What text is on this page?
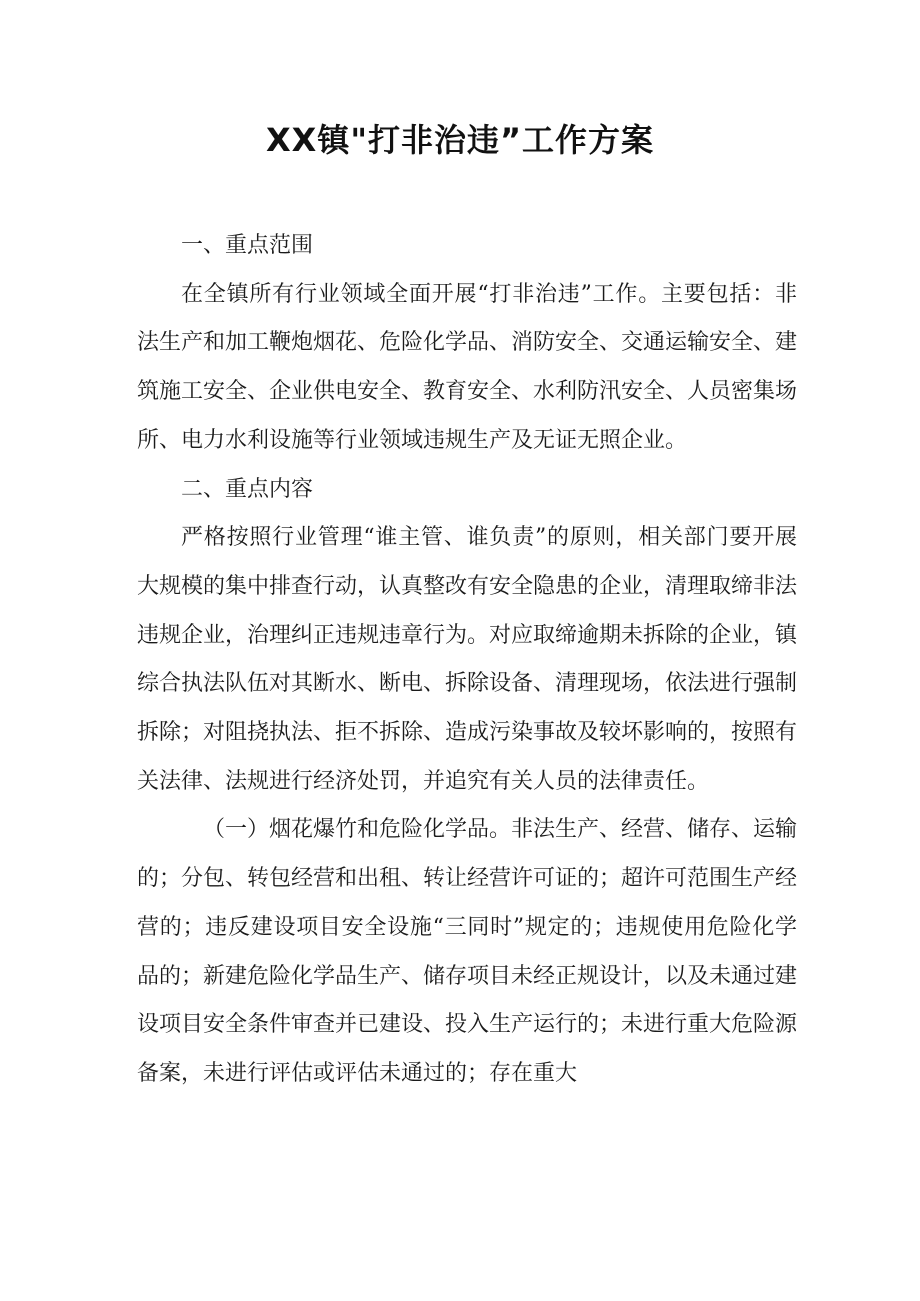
XX镇"打非治违”工作方案

一、重点范围

在全镇所有行业领域全面开展“打非治违”工作。主要包括：非法生产和加工鞭炮烟花、危险化学品、消防安全、交通运输安全、建筑施工安全、企业供电安全、教育安全、水利防汛安全、人员密集场所、电力水利设施等行业领域违规生产及无证无照企业。

二、重点内容

严格按照行业管理“谁主管、谁负责”的原则，相关部门要开展大规模的集中排查行动，认真整改有安全隐患的企业，清理取缔非法违规企业，治理纠正违规违章行为。对应取缔逾期未拆除的企业，镇综合执法队伍对其断水、断电、拆除设备、清理现场，依法进行强制拆除；对阻挠执法、拒不拆除、造成污染事故及较坏影响的，按照有关法律、法规进行经济处罚，并追究有关人员的法律责任。

（一）烟花爆竹和危险化学品。非法生产、经营、储存、运输的；分包、转包经营和出租、转让经营许可证的；超许可范围生产经营的；违反建设项目安全设施“三同时”规定的；违规使用危险化学品的；新建危险化学品生产、储存项目未经正规设计，以及未通过建设项目安全条件审查并已建设、投入生产运行的；未进行重大危险源备案，未进行评估或评估未通过的；存在重大
